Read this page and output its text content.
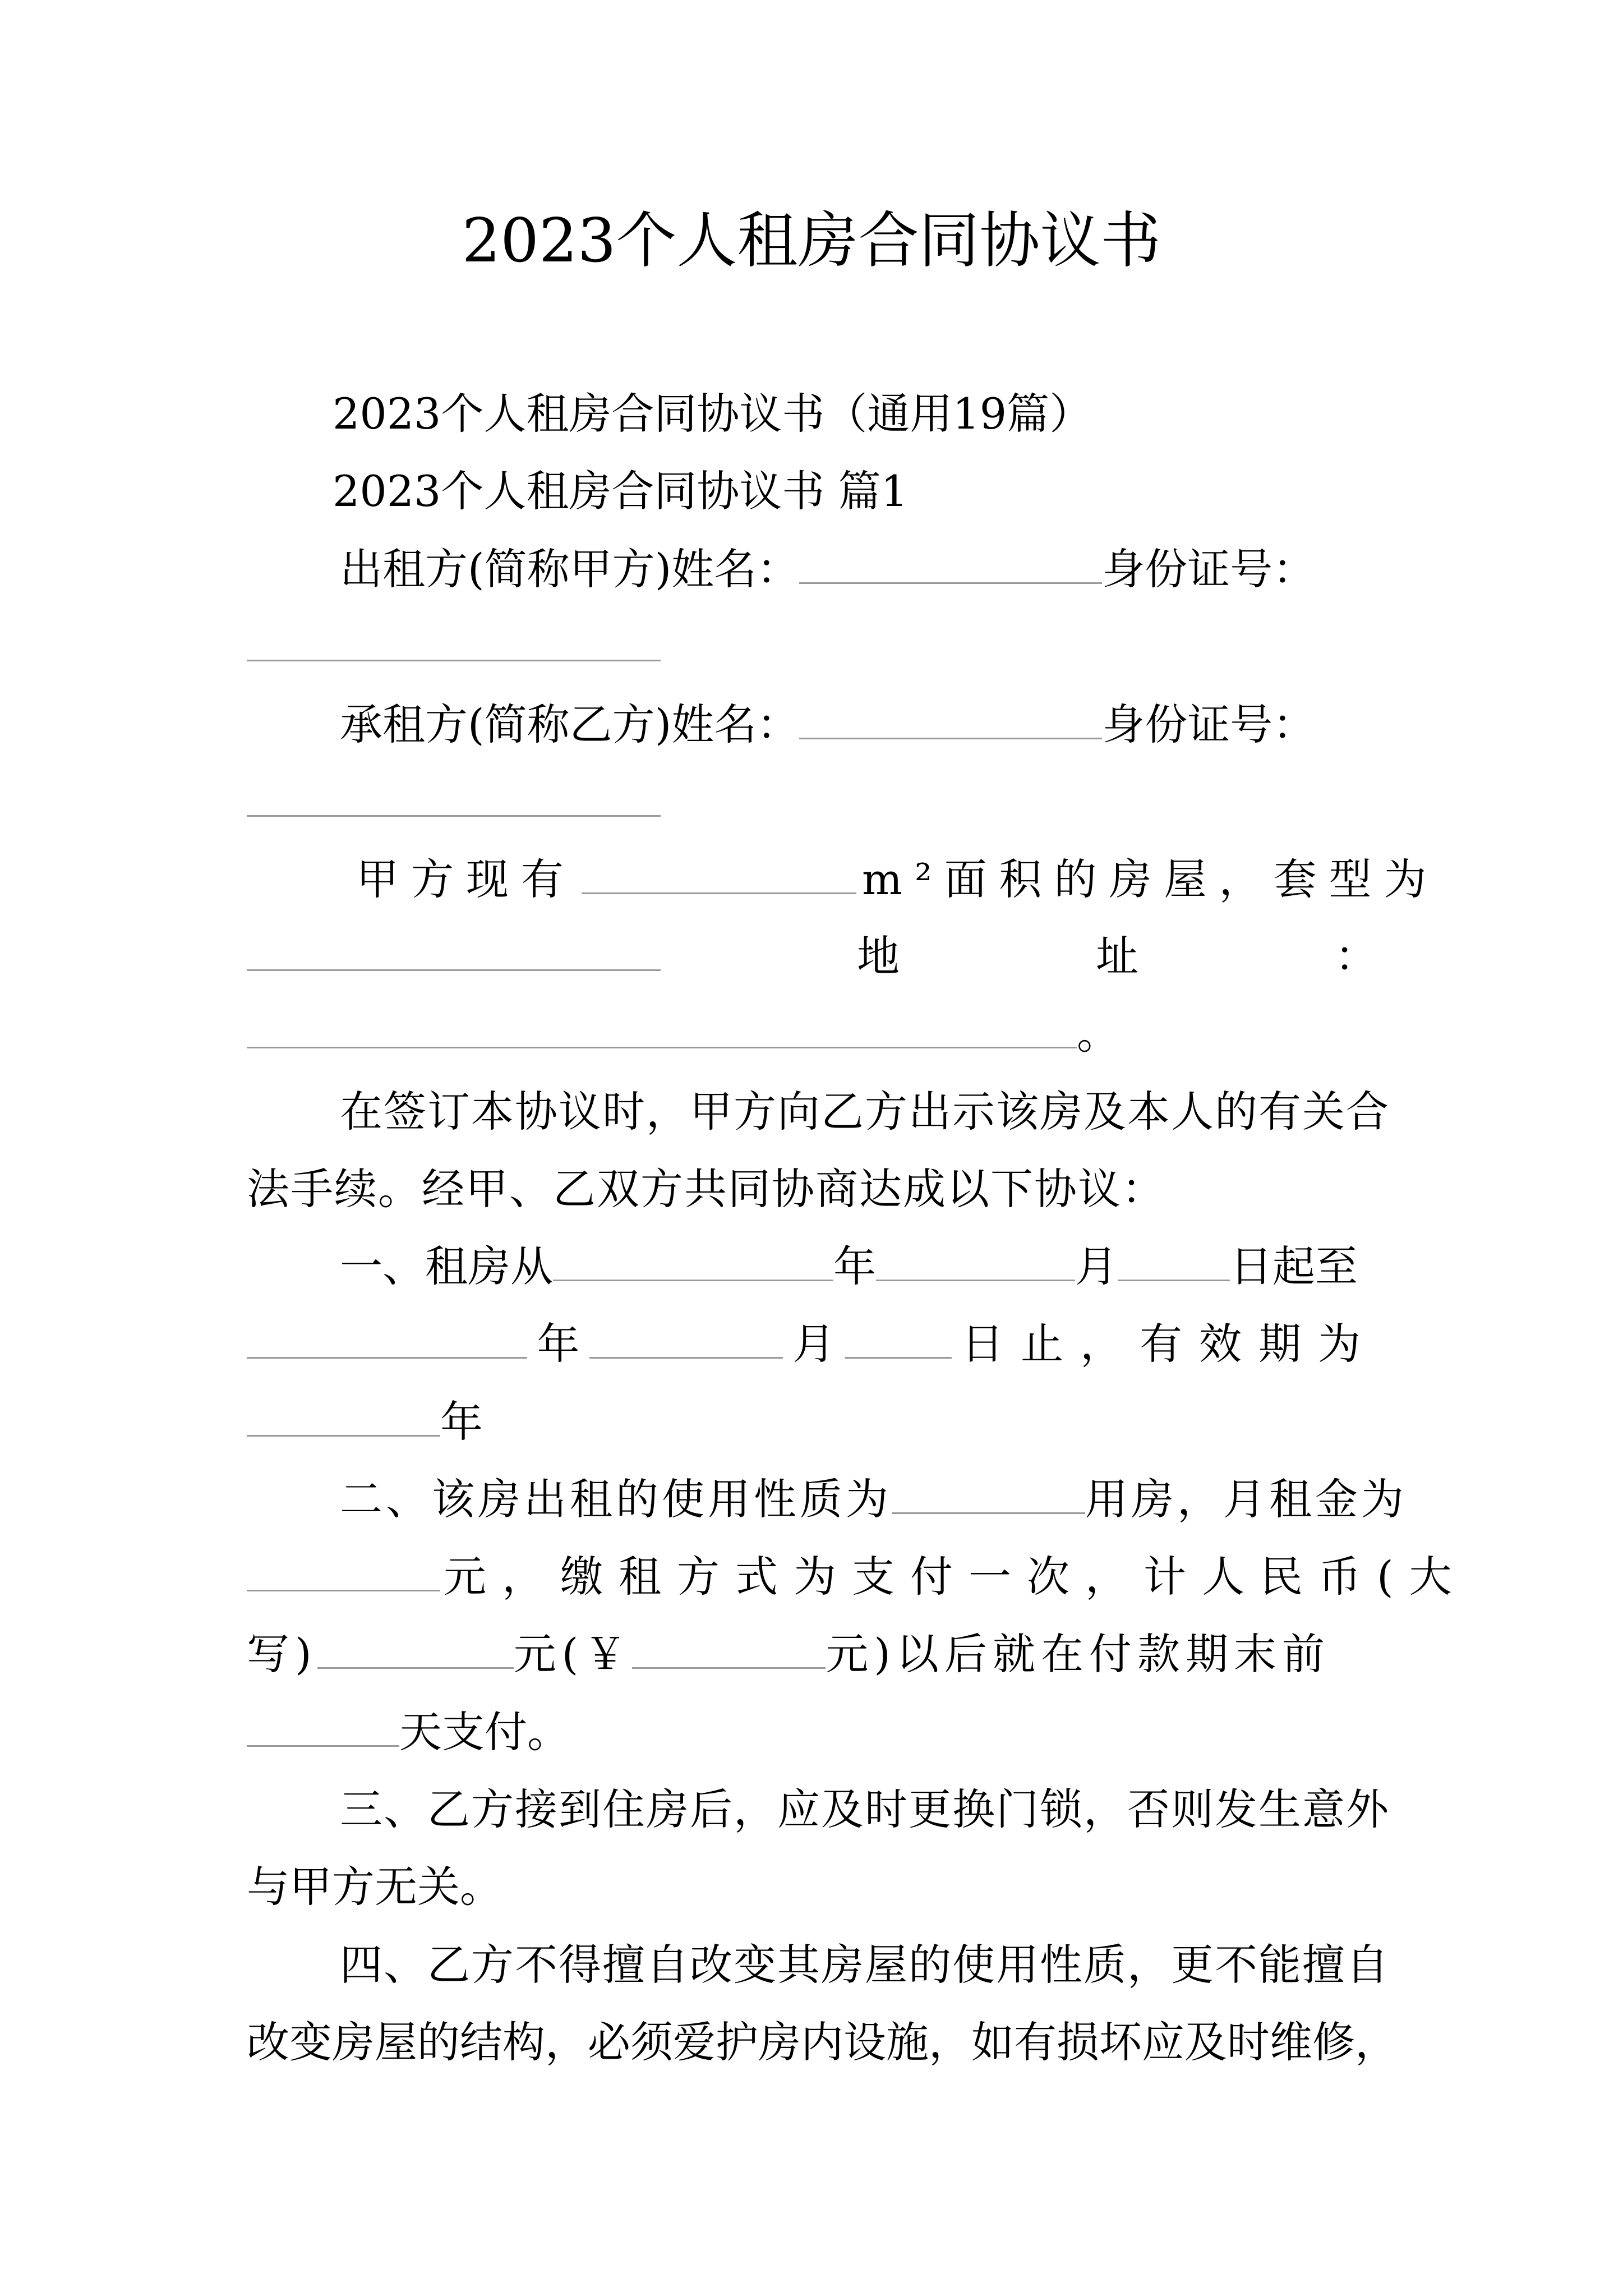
2023个人租房合同协议书
2023个人租房合同协议书（通用19篇）
2023个人租房合同协议书 篇1
出租方(简称甲方)姓名：	身份证号：
承租方(简称乙方)姓名：	身份证号：
甲方现有	m²面积的房屋，套型为
地	址	：
。
在签订本协议时，甲方向乙方出示该房及本人的有关合
法手续。经甲、乙双方共同协商达成以下协议：
一、租房从	年	月	日起至
年	月	日止，有效期为
年
二、该房出租的使用性质为	用房，月租金为
元，缴租方式为支付一次，计人民币(大
写)	元(￥	元)以后就在付款期末前
天支付。
三、乙方接到住房后，应及时更换门锁，否则发生意外
与甲方无关。
四、乙方不得擅自改变其房屋的使用性质，更不能擅自
改变房屋的结构，必须爱护房内设施，如有损坏应及时维修，
